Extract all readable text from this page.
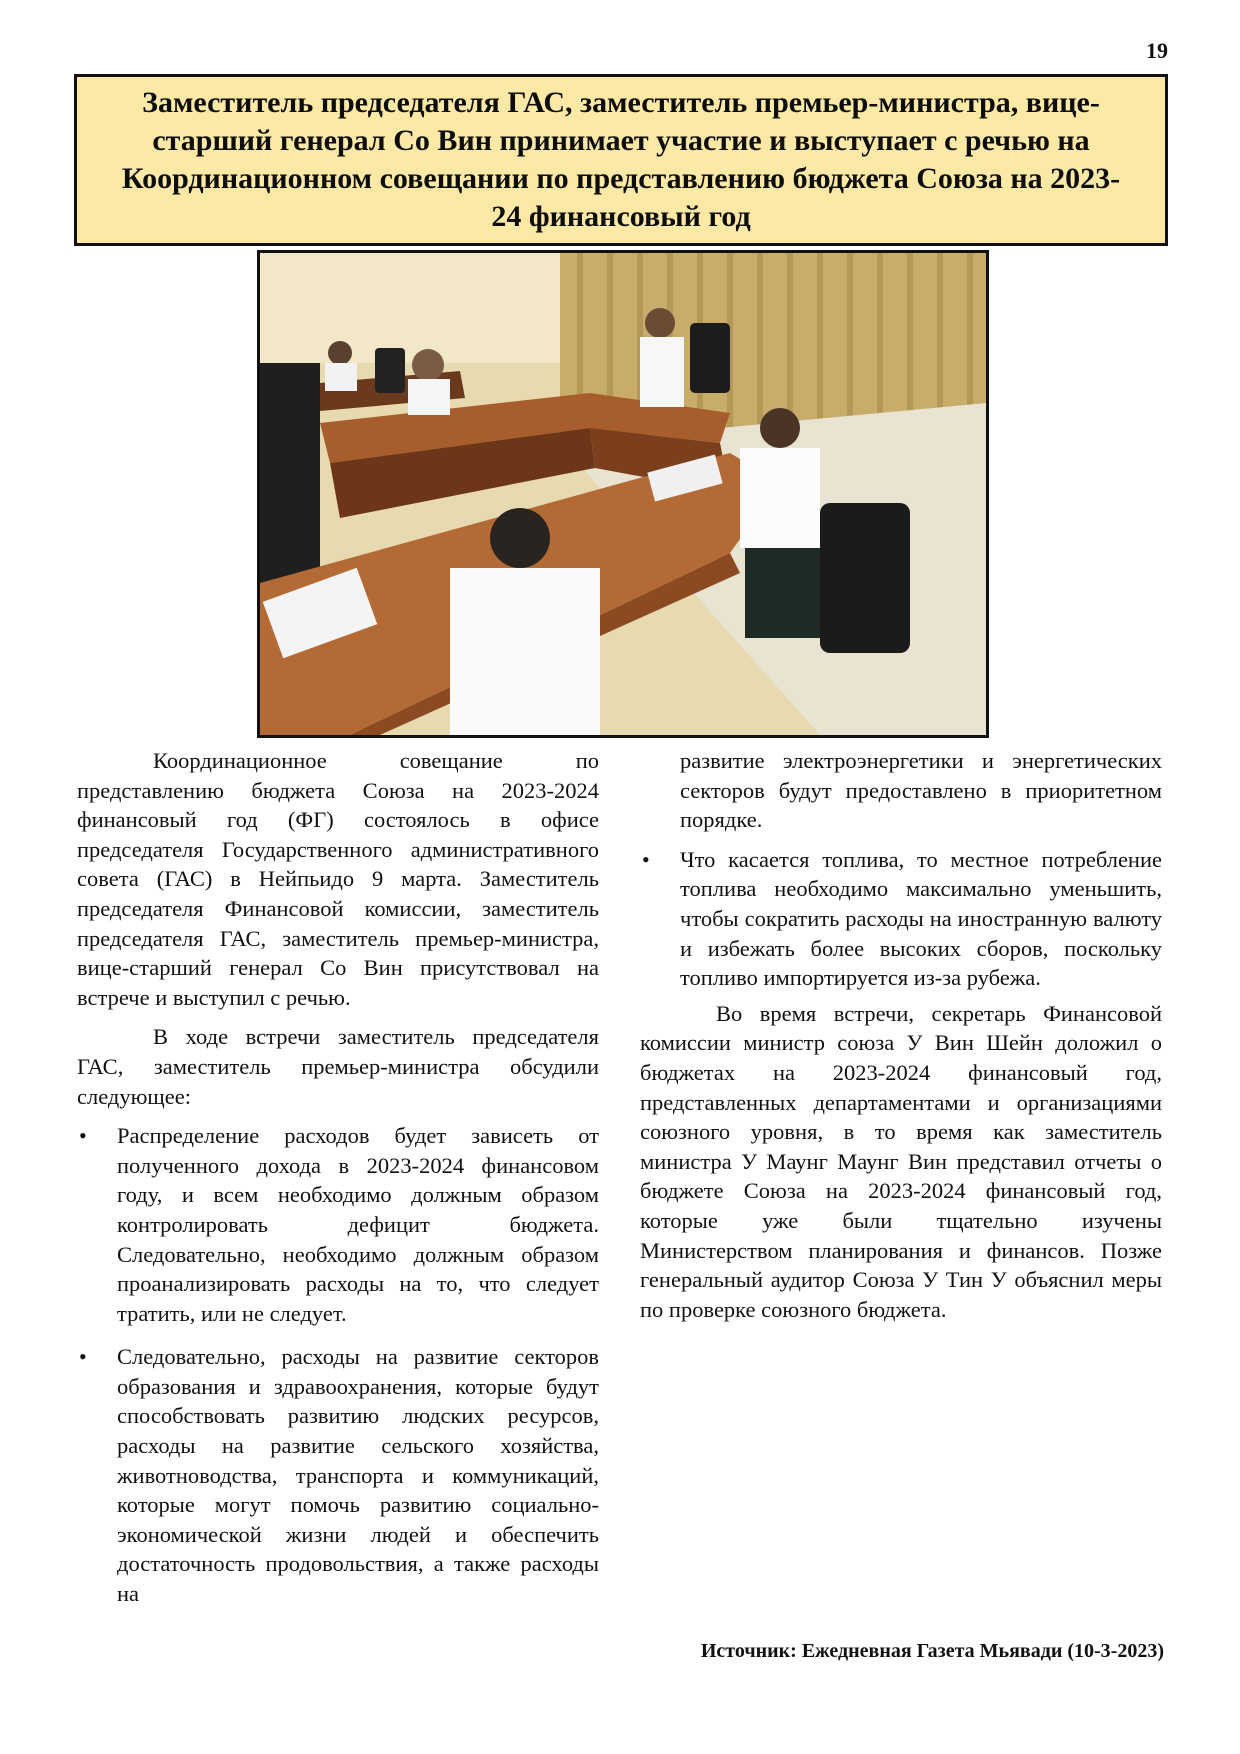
19
Заместитель председателя ГАС, заместитель премьер-министра, вице-старший генерал Со Вин принимает участие и выступает с речью на Координационном совещании по представлению бюджета Союза на 2023-24 финансовый год

Координационное совещание по представлению бюджета Союза на 2023-2024 финансовый год (ФГ) состоялось в офисе председателя Государственного административного совета (ГАС) в Нейпьидо 9 марта. Заместитель председателя Финансовой комиссии, заместитель председателя ГАС, заместитель премьер-министра, вице-старший генерал Со Вин присутствовал на встрече и выступил с речью.

В ходе встречи заместитель председателя ГАС, заместитель премьер-министра обсудили следующее:

• Распределение расходов будет зависеть от полученного дохода в 2023-2024 финансовом году, и всем необходимо должным образом контролировать дефицит бюджета. Следовательно, необходимо должным образом проанализировать расходы на то, что следует тратить, или не следует.

• Следовательно, расходы на развитие секторов образования и здравоохранения, которые будут способствовать развитию людских ресурсов, расходы на развитие сельского хозяйства, животноводства, транспорта и коммуникаций, которые могут помочь развитию социально-экономической жизни людей и обеспечить достаточность продовольствия, а также расходы на

развитие электроэнергетики и энергетических секторов будут предоставлено в приоритетном порядке.

• Что касается топлива, то местное потребление топлива необходимо максимально уменьшить, чтобы сократить расходы на иностранную валюту и избежать более высоких сборов, поскольку топливо импортируется из-за рубежа.

Во время встречи, секретарь Финансовой комиссии министр союза У Вин Шейн доложил о бюджетах на 2023-2024 финансовый год, представленных департаментами и организациями союзного уровня, в то время как заместитель министра У Маунг Маунг Вин представил отчеты о бюджете Союза на 2023-2024 финансовый год, которые уже были тщательно изучены Министерством планирования и финансов. Позже генеральный аудитор Союза У Тин У объяснил меры по проверке союзного бюджета.

Источник: Ежедневная Газета Мьявади (10-3-2023)
